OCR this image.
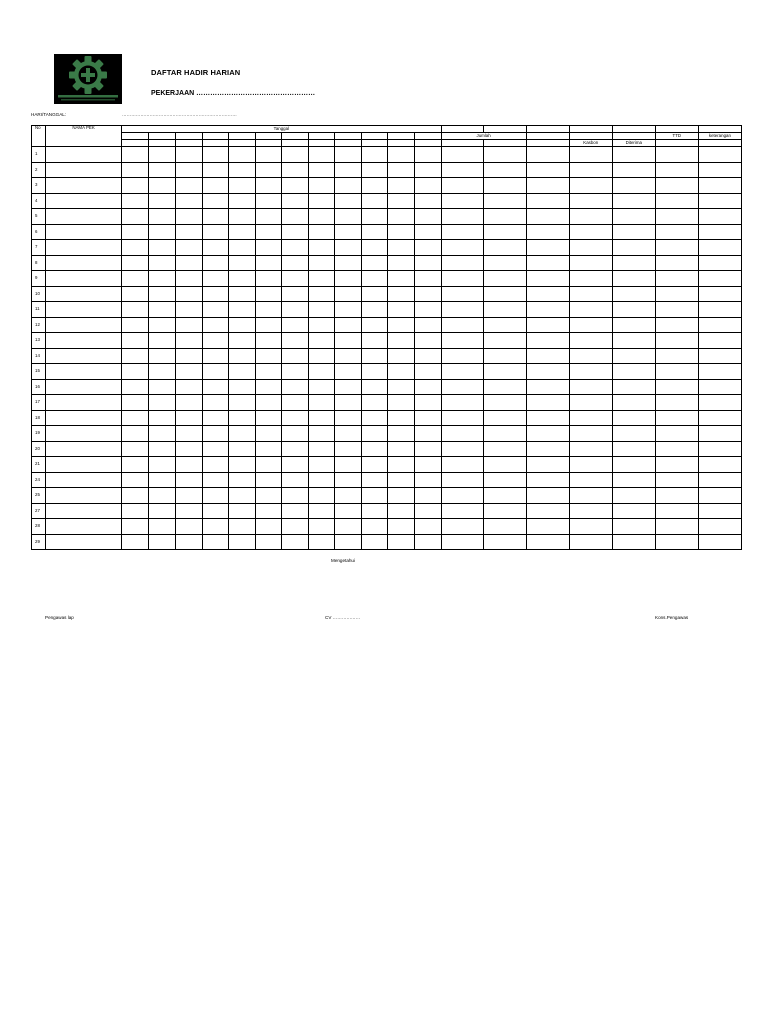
DAFTAR HADIR HARIAN
PEKERJAAN ……………………………………………
HARI/TANGGAL:	…………………………………………………………………
No	NAMA PEK	Tanggal																		
														Jumlah					TTD	keterangan
																	Kasbon	Diterima		
1																				
2																				
3																				
4																				
5																				
6																				
7																				
8																				
9																				
10																				
11																				
12																				
13																				
14																				
15																				
16																				
17																				
18																				
19																				
20																				
21																				
24																				
25																				
27																				
28																				
29																				
Mengetahui
Pengawas lap	CV ………………	Kons.Pengawas
